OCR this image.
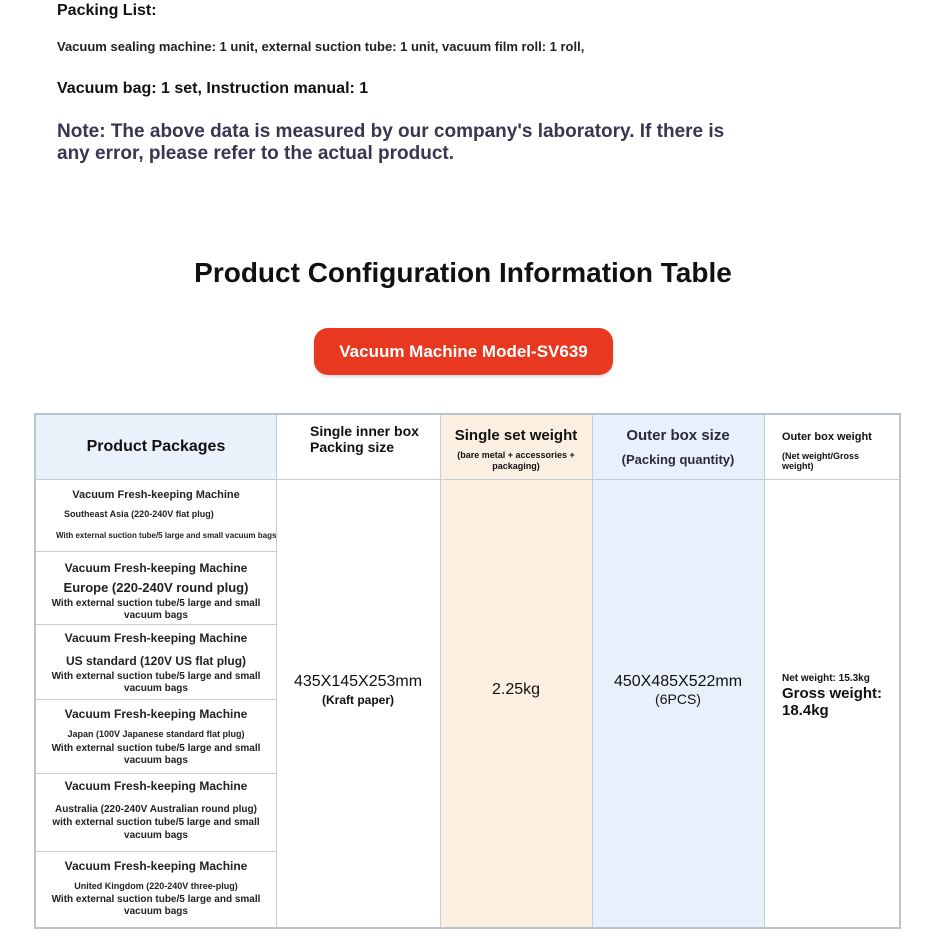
Packing List:
Vacuum sealing machine: 1 unit, external suction tube: 1 unit, vacuum film roll: 1 roll,
Vacuum bag: 1 set, Instruction manual: 1
Note: The above data is measured by our company's laboratory. If there is any error, please refer to the actual product.
Product Configuration Information Table
Vacuum Machine Model-SV639
Product Packages
Single inner box Packing size
Single set weight
(bare metal + accessories + packaging)
Outer box size
(Packing quantity)
Outer box weight
(Net weight/Gross weight)
Vacuum Fresh-keeping Machine
Southeast Asia (220-240V flat plug)
With external suction tube/5 large and small vacuum bags
Vacuum Fresh-keeping Machine
Europe (220-240V round plug)
With external suction tube/5 large and small vacuum bags
Vacuum Fresh-keeping Machine
US standard (120V US flat plug)
With external suction tube/5 large and small vacuum bags
Vacuum Fresh-keeping Machine
Japan (100V Japanese standard flat plug)
With external suction tube/5 large and small vacuum bags
Vacuum Fresh-keeping Machine
Australia (220-240V Australian round plug) with external suction tube/5 large and small vacuum bags
Vacuum Fresh-keeping Machine
United Kingdom (220-240V three-plug)
With external suction tube/5 large and small vacuum bags
435X145X253mm
(Kraft paper)
2.25kg	450X485X522mm
(6PCS)
Net weight: 15.3kg
Gross weight: 18.4kg
